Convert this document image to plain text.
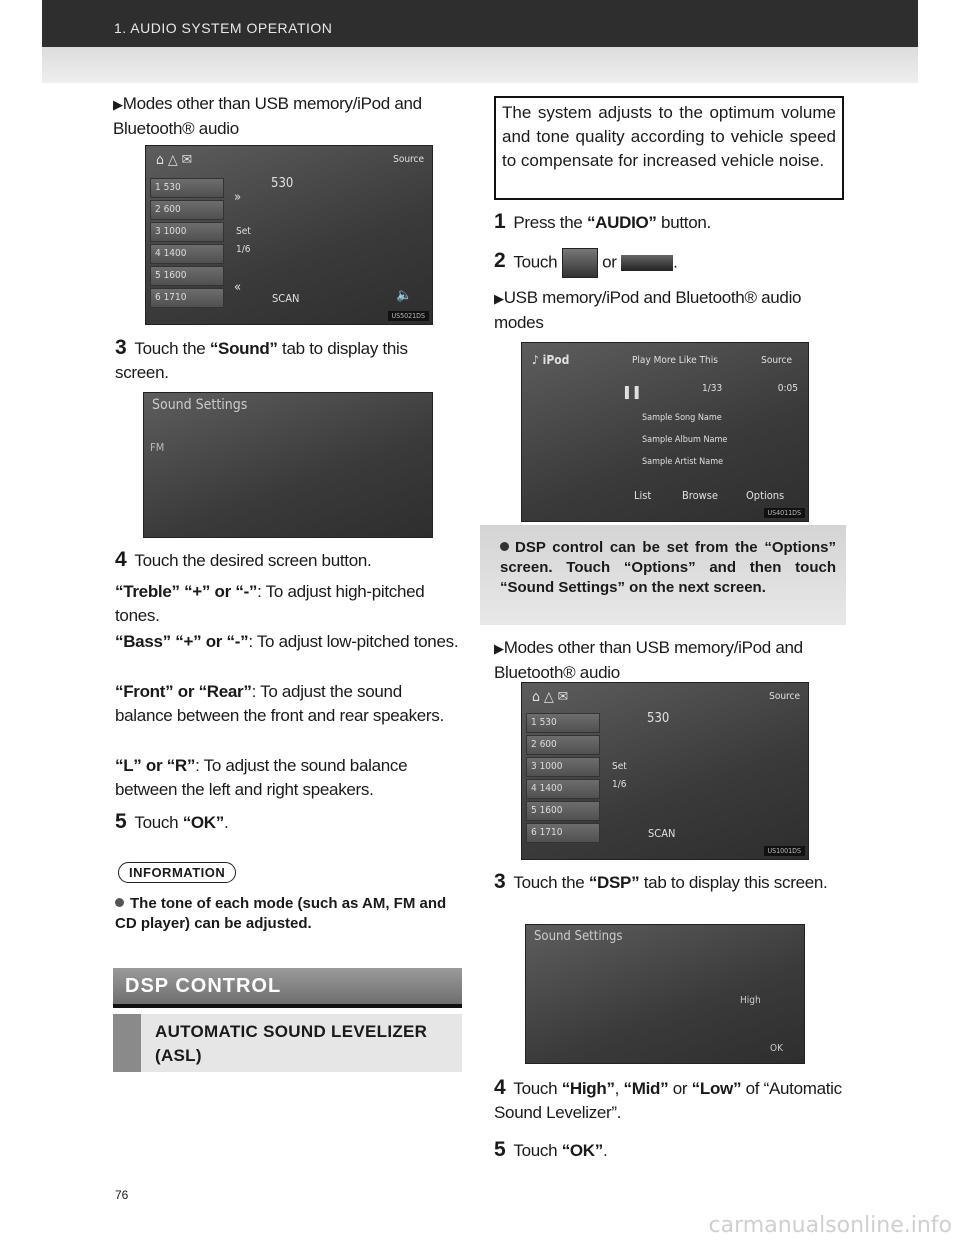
1. AUDIO SYSTEM OPERATION
▶Modes other than USB memory/iPod and Bluetooth® audio
⌂ △ ✉	Source
1 530
2 600
3 1000
4 1400
5 1600
6 1710
»
«
Set
1/6
530
SCAN	🔈
US5021DS
3 Touch the “Sound” tab to display this screen.
Sound Settings
FM
4 Touch the desired screen button.
“Treble” “+” or “-”: To adjust high-pitched tones.
“Bass” “+” or “-”: To adjust low-pitched tones.
“Front” or “Rear”: To adjust the sound balance between the front and rear speakers.
“L” or “R”: To adjust the sound balance between the left and right speakers.
5 Touch “OK”.
INFORMATION
The tone of each mode (such as AM, FM and CD player) can be adjusted.
DSP CONTROL
AUTOMATIC SOUND LEVELIZER (ASL)
The system adjusts to the optimum volume and tone quality according to vehicle speed to compensate for increased vehicle noise.
1 Press the “AUDIO” button.
2 Touch	or	.
▶USB memory/iPod and Bluetooth® audio modes
♪ iPod	Play More Like This	Source
❚❚	1/33	0:05
Sample Song Name
Sample Album Name
Sample Artist Name
List	Browse	Options
US4011DS
DSP control can be set from the “Options” screen. Touch “Options” and then touch “Sound Settings” on the next screen.
▶Modes other than USB memory/iPod and Bluetooth® audio
⌂ △ ✉	Source
1 530
2 600
3 1000
4 1400
5 1600
6 1710
Set
1/6
530
SCAN
US1001DS
3 Touch the “DSP” tab to display this screen.
Sound Settings
High
OK
4 Touch “High”, “Mid” or “Low” of “Automatic Sound Levelizer”.
5 Touch “OK”.
76
carmanualsonline.info
